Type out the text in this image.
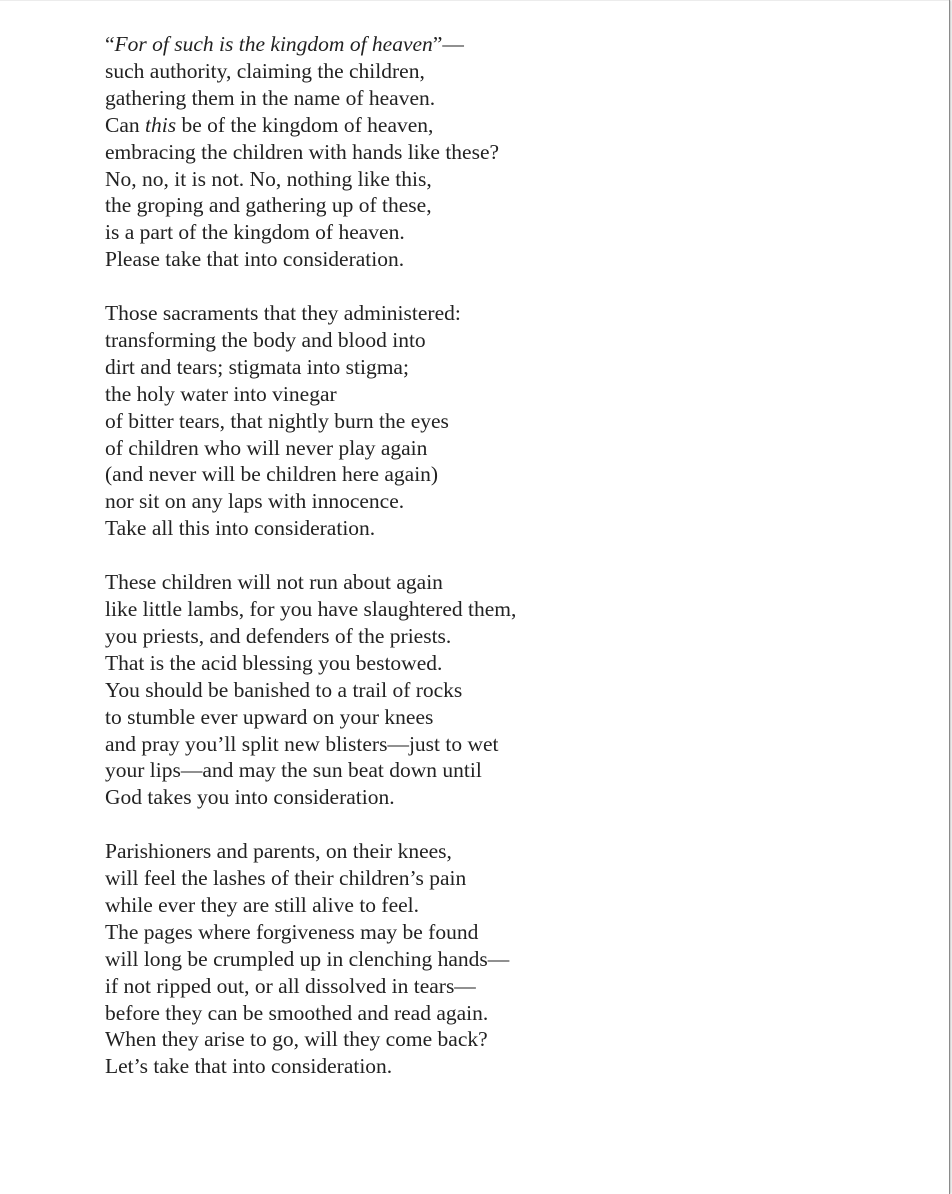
“For of such is the kingdom of heaven”—
such authority, claiming the children,
gathering them in the name of heaven.
Can this be of the kingdom of heaven,
embracing the children with hands like these?
No, no, it is not. No, nothing like this,
the groping and gathering up of these,
is a part of the kingdom of heaven.
Please take that into consideration.
Those sacraments that they administered:
transforming the body and blood into
dirt and tears; stigmata into stigma;
the holy water into vinegar
of bitter tears, that nightly burn the eyes
of children who will never play again
(and never will be children here again)
nor sit on any laps with innocence.
Take all this into consideration.
These children will not run about again
like little lambs, for you have slaughtered them,
you priests, and defenders of the priests.
That is the acid blessing you bestowed.
You should be banished to a trail of rocks
to stumble ever upward on your knees
and pray you’ll split new blisters—just to wet
your lips—and may the sun beat down until
God takes you into consideration.
Parishioners and parents, on their knees,
will feel the lashes of their children’s pain
while ever they are still alive to feel.
The pages where forgiveness may be found
will long be crumpled up in clenching hands—
if not ripped out, or all dissolved in tears—
before they can be smoothed and read again.
When they arise to go, will they come back?
Let’s take that into consideration.
